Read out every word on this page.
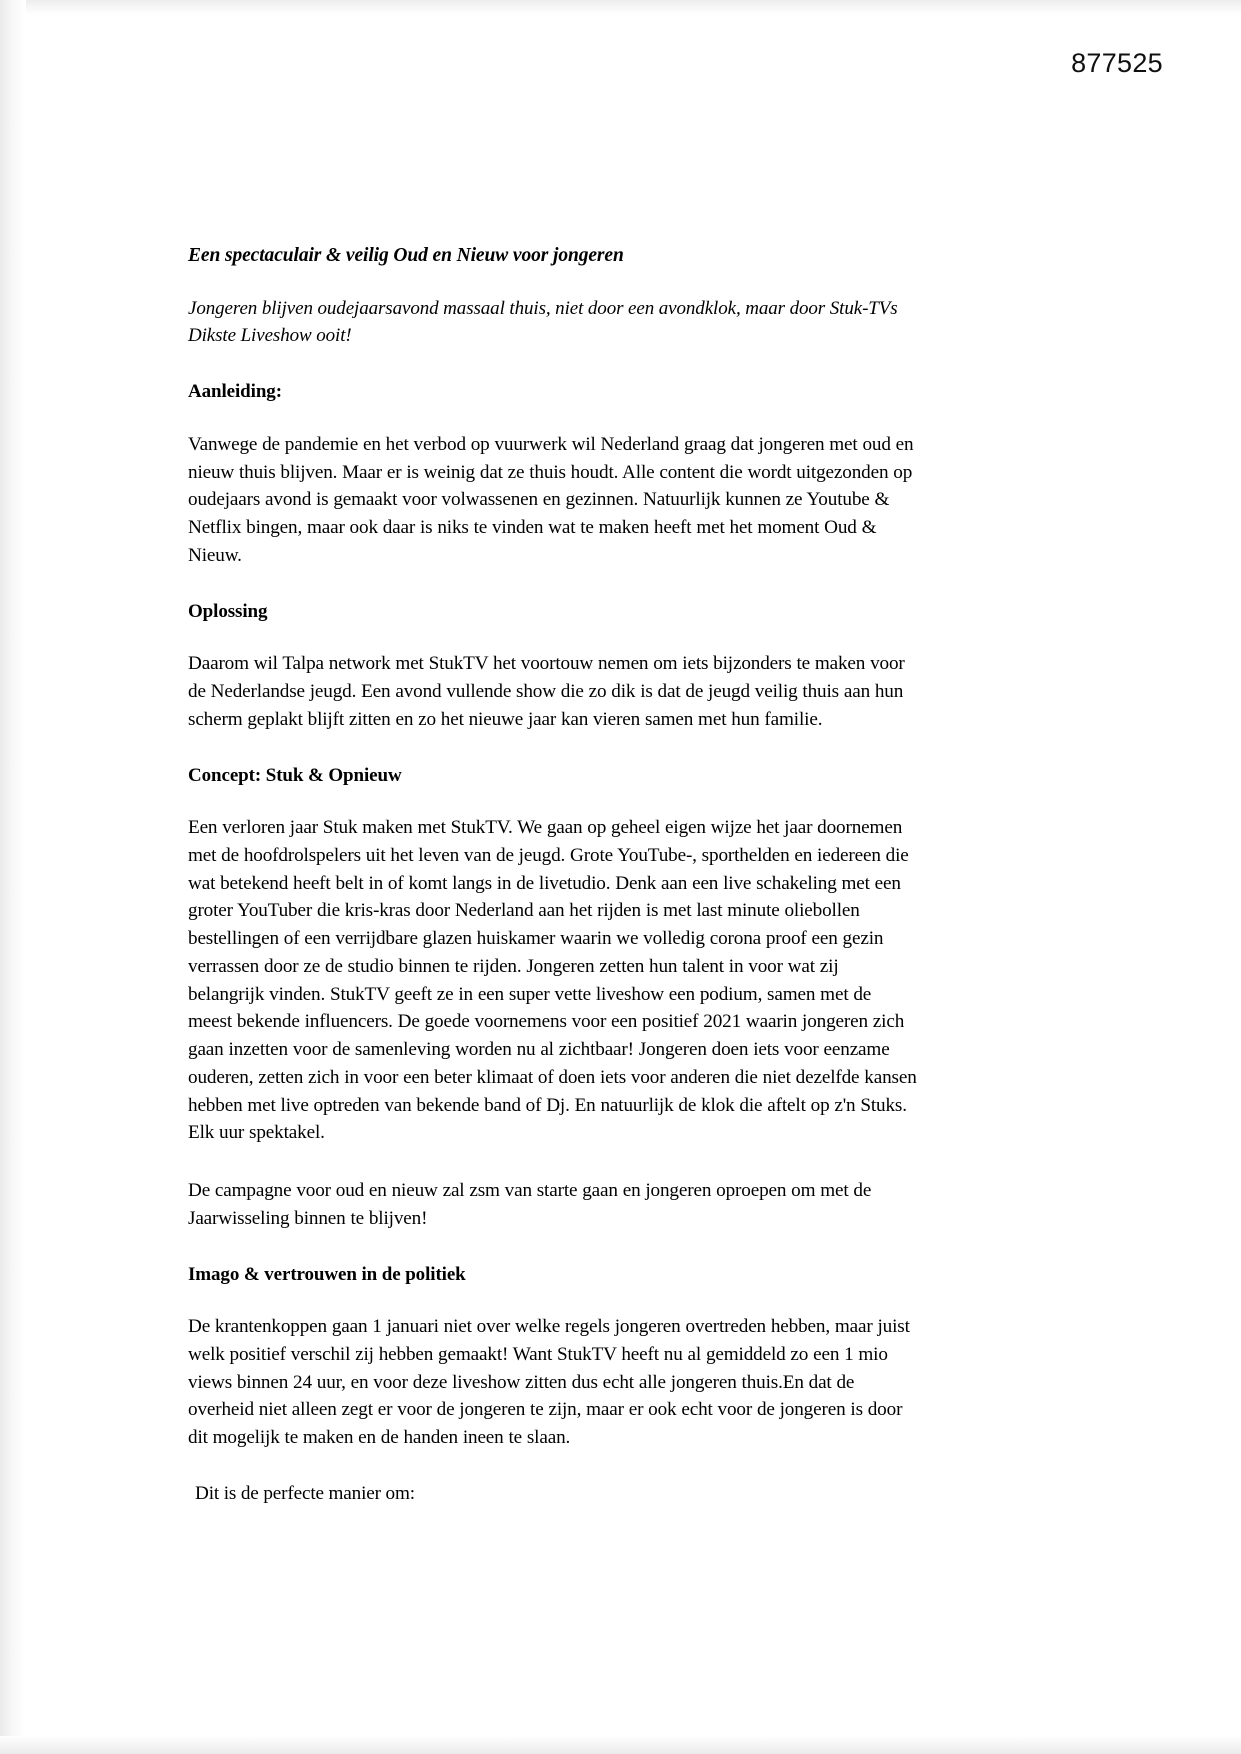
877525
Een spectaculair & veilig Oud en Nieuw voor jongeren
Jongeren blijven oudejaarsavond massaal thuis, niet door een avondklok, maar door Stuk-TVs Dikste Liveshow ooit!
Aanleiding:

Vanwege de pandemie en het verbod op vuurwerk wil Nederland graag dat jongeren met oud en nieuw thuis blijven. Maar er is weinig dat ze thuis houdt. Alle content die wordt uitgezonden op oudejaars avond is gemaakt voor volwassenen en gezinnen. Natuurlijk kunnen ze Youtube & Netflix bingen, maar ook daar is niks te vinden wat te maken heeft met het moment Oud & Nieuw.

Oplossing

Daarom wil Talpa network met StukTV het voortouw nemen om iets bijzonders te maken voor de Nederlandse jeugd. Een avond vullende show die zo dik is dat de jeugd veilig thuis aan hun scherm geplakt blijft zitten en zo het nieuwe jaar kan vieren samen met hun familie.

Concept: Stuk & Opnieuw

Een verloren jaar Stuk maken met StukTV. We gaan op geheel eigen wijze het jaar doornemen met de hoofdrolspelers uit het leven van de jeugd. Grote YouTube-, sporthelden en iedereen die wat betekend heeft belt in of komt langs in de livetudio. Denk aan een live schakeling met een groter YouTuber die kris-kras door Nederland aan het rijden is met last minute oliebollen bestellingen of een verrijdbare glazen huiskamer waarin we volledig corona proof een gezin verrassen door ze de studio binnen te rijden. Jongeren zetten hun talent in voor wat zij belangrijk vinden. StukTV geeft ze in een super vette liveshow een podium, samen met de meest bekende influencers. De goede voornemens voor een positief 2021 waarin jongeren zich gaan inzetten voor de samenleving worden nu al zichtbaar! Jongeren doen iets voor eenzame ouderen, zetten zich in voor een beter klimaat of doen iets voor anderen die niet dezelfde kansen hebben met live optreden van bekende band of Dj. En natuurlijk de klok die aftelt op z'n Stuks. Elk uur spektakel.

De campagne voor oud en nieuw zal zsm van starte gaan en jongeren oproepen om met de Jaarwisseling binnen te blijven!

Imago & vertrouwen in de politiek

De krantenkoppen gaan 1 januari niet over welke regels jongeren overtreden hebben, maar juist welk positief verschil zij hebben gemaakt! Want StukTV heeft nu al gemiddeld zo een 1 mio views binnen 24 uur, en voor deze liveshow zitten dus echt alle jongeren thuis.En dat de overheid niet alleen zegt er voor de jongeren te zijn, maar er ook echt voor de jongeren is door dit mogelijk te maken en de handen ineen te slaan.

Dit is de perfecte manier om:
